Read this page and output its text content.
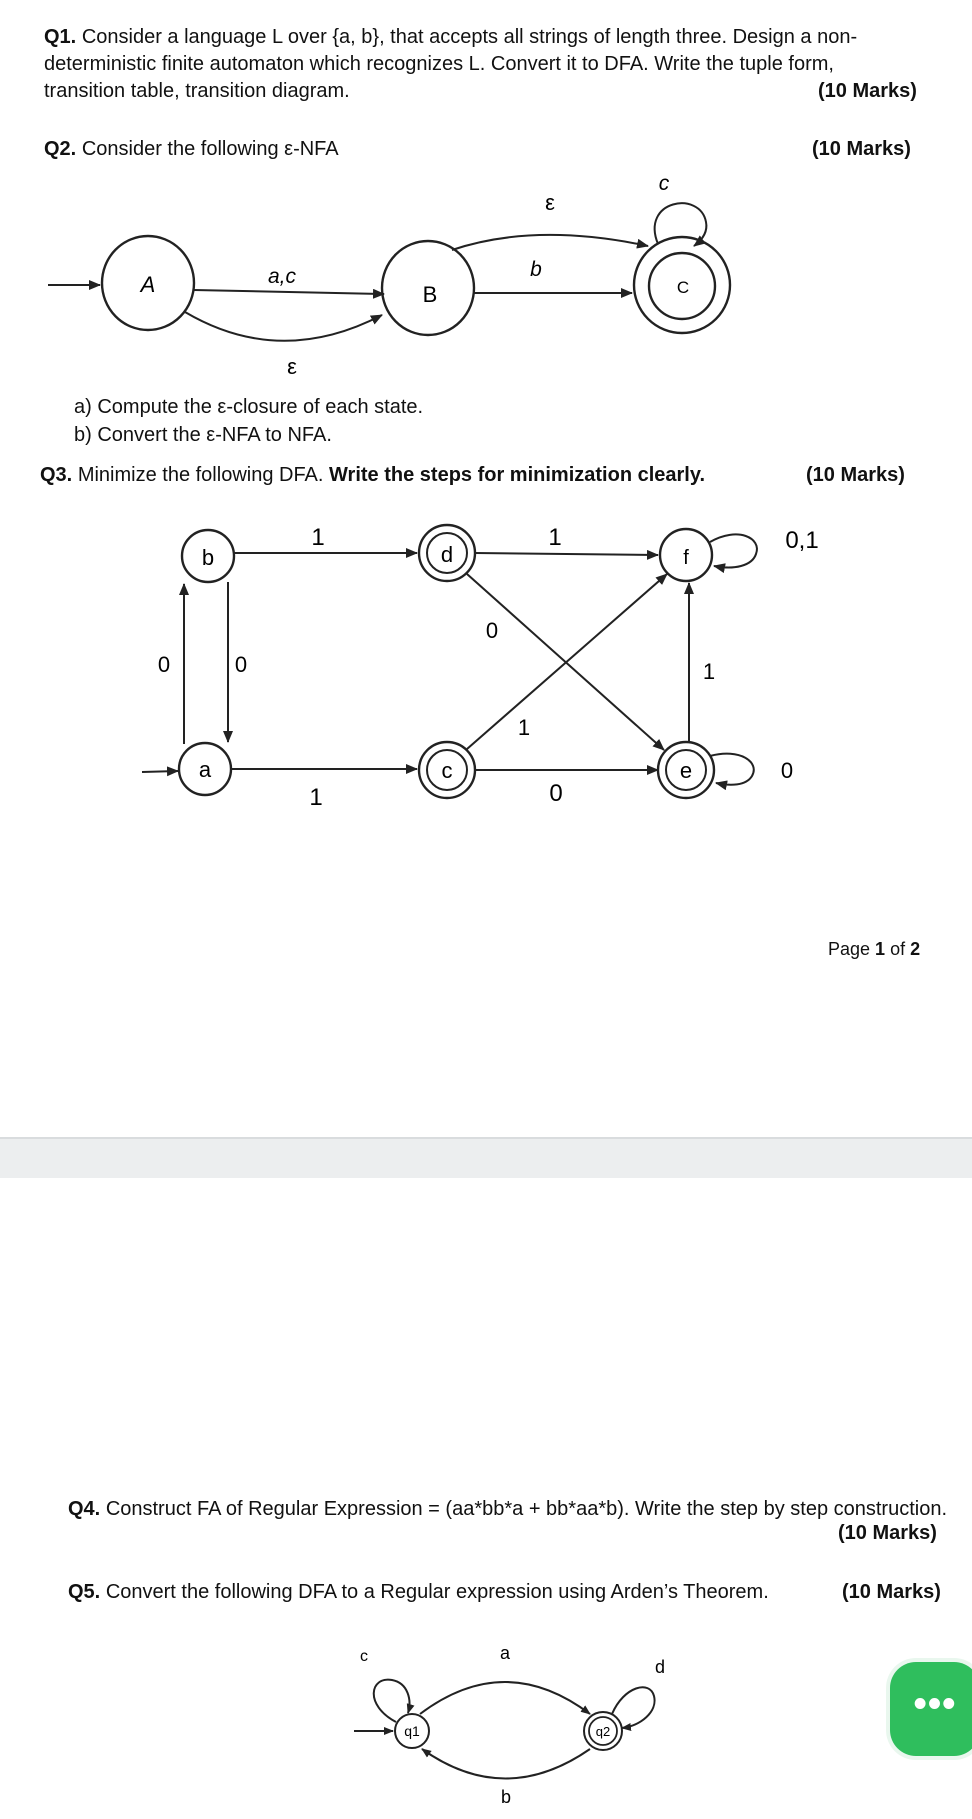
Q1. Consider a language L over {a, b}, that accepts all strings of length three. Design a non-
deterministic finite automaton which recognizes L. Convert it to DFA. Write the tuple form,
transition table, transition diagram.	(10 Marks)
Q2. Consider the following ε-NFA	(10 Marks)
A	B	C
a,c
ε
b
ε
c
a) Compute the ε-closure of each state.
b) Convert the ε-NFA to NFA.
Q3. Minimize the following DFA. Write the steps for minimization clearly.	(10 Marks)
b
a
d
c
f
e
0	0
1
1
1
0
1
0
1
0
0,1
Page 1 of 2
Q4. Construct FA of Regular Expression = (aa*bb*a + bb*aa*b). Write the step by step construction.
(10 Marks)
Q5. Convert the following DFA to a Regular expression using Arden’s Theorem.	(10 Marks)
q1	q2
a
b
c
d
•••
